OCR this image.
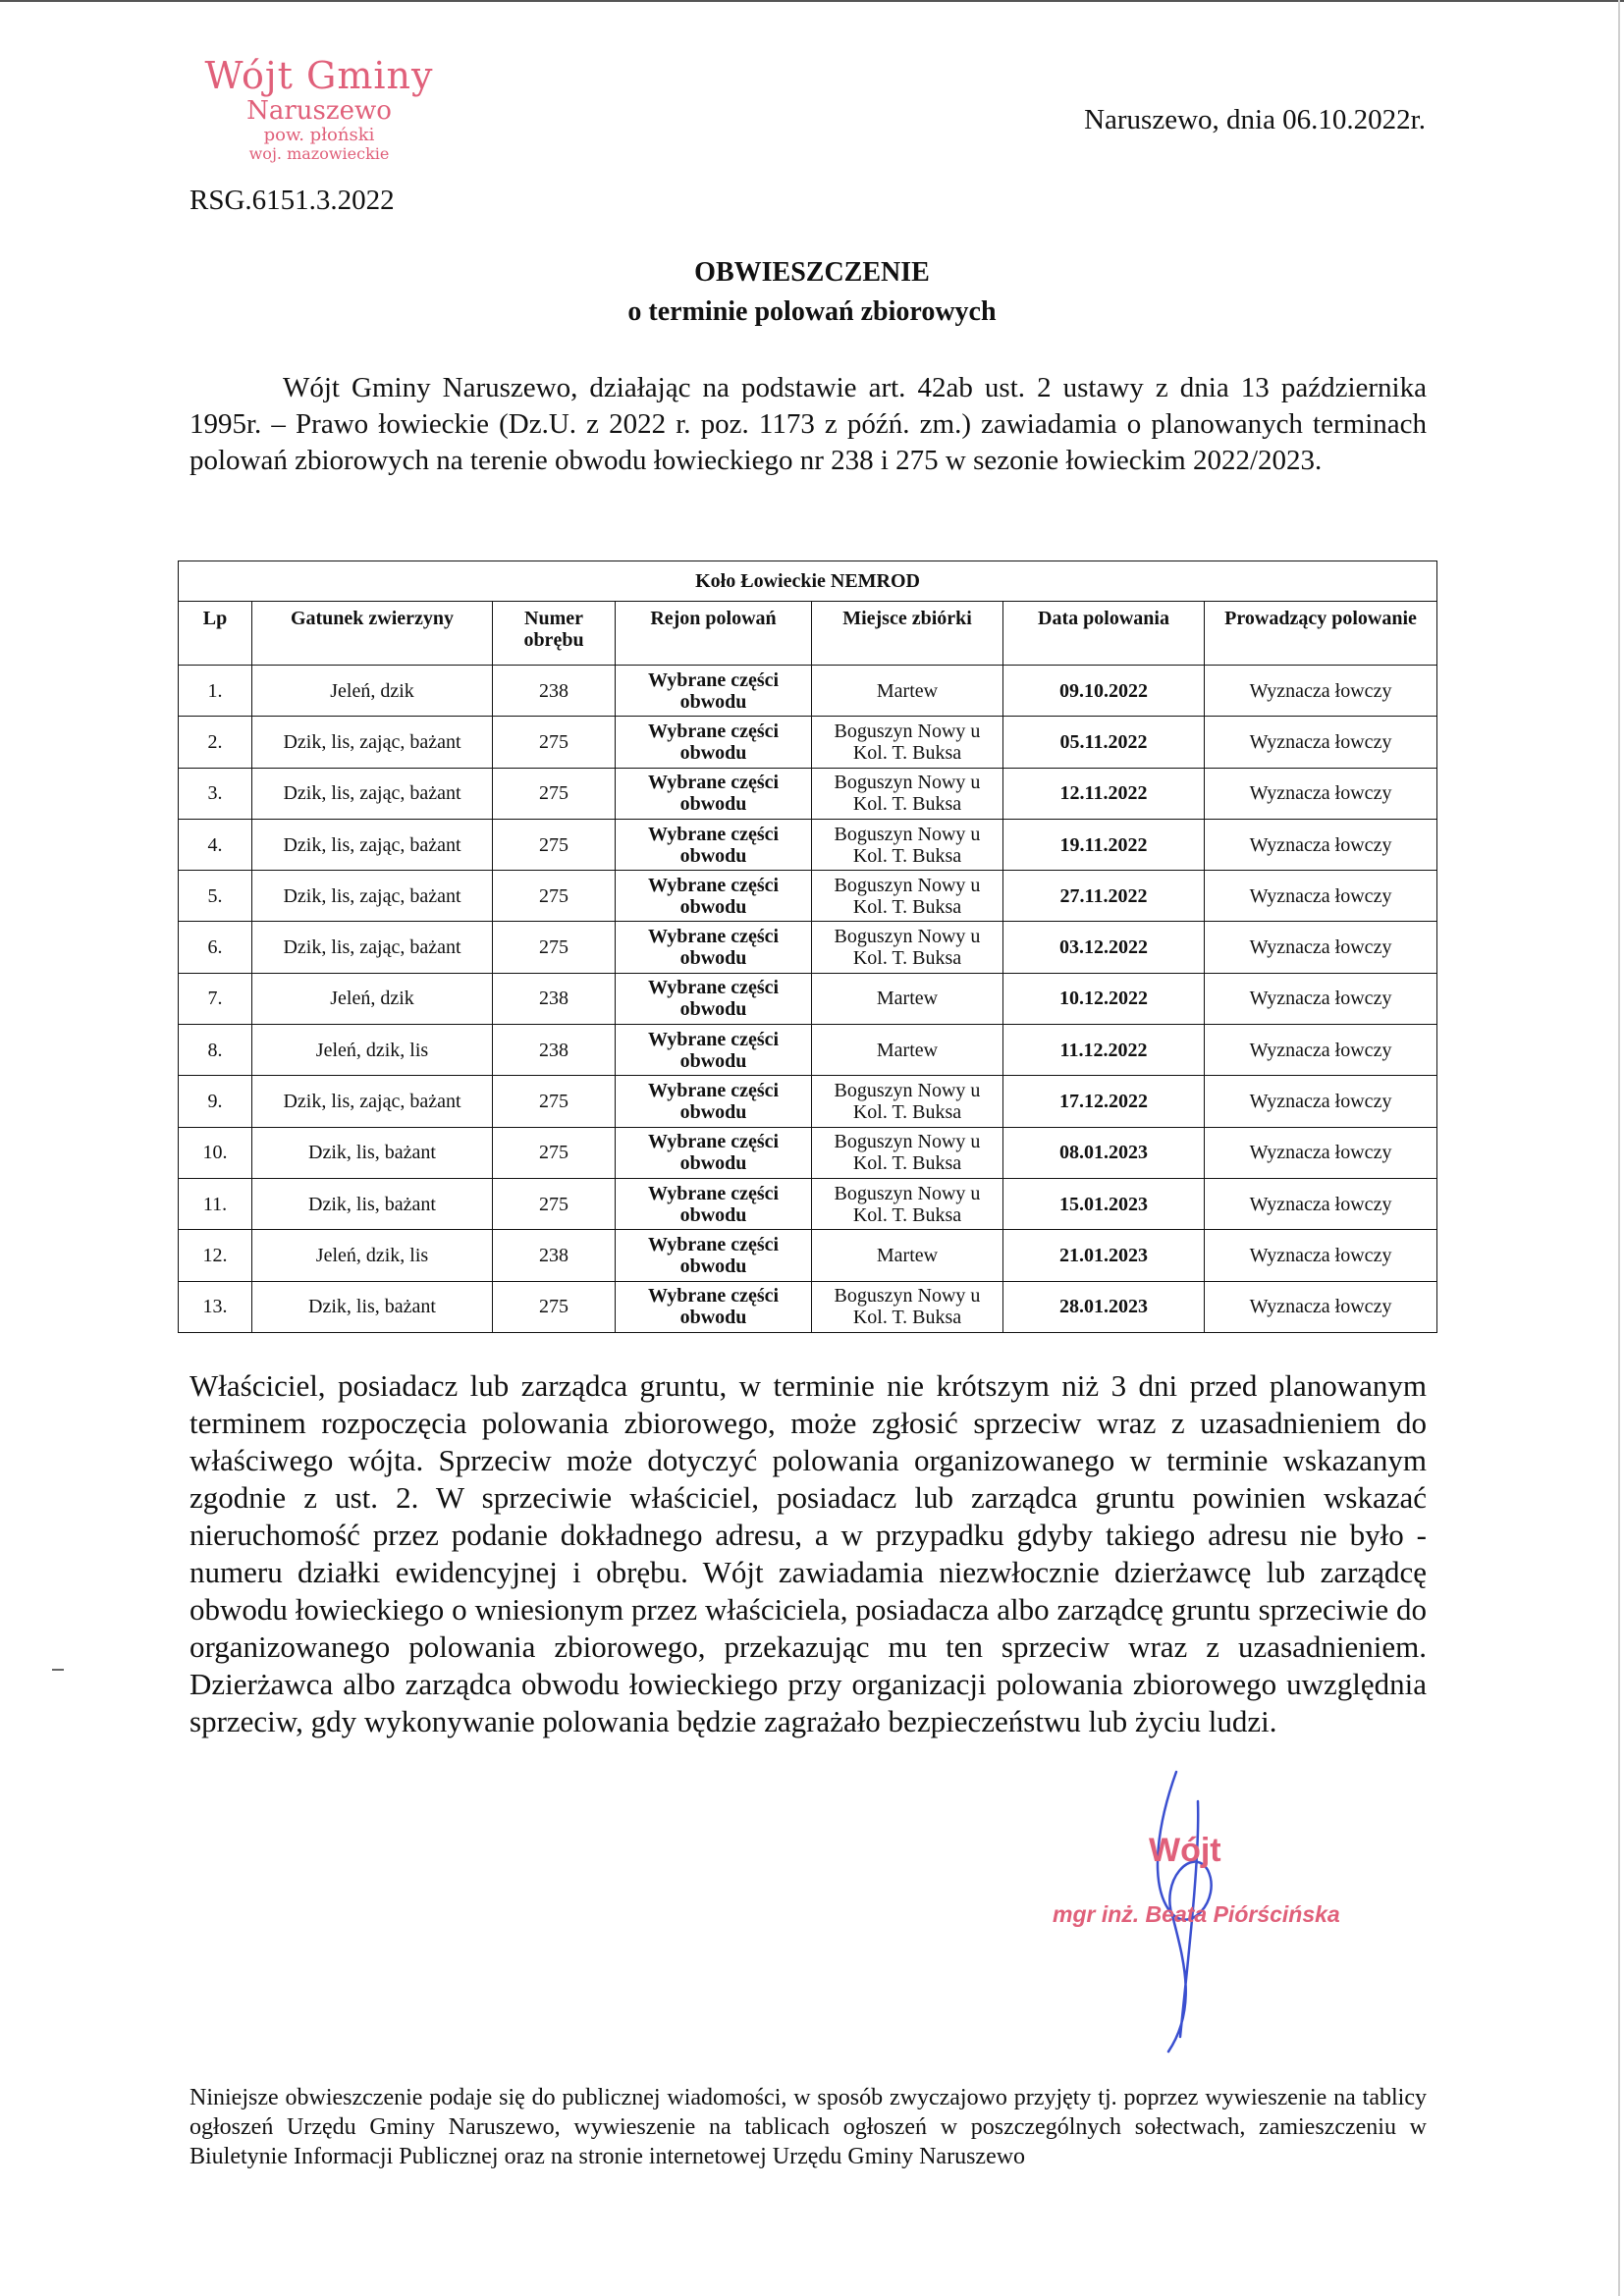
Wójt Gminy
Naruszewo
pow. płoński
woj. mazowieckie
Naruszewo, dnia 06.10.2022r.
RSG.6151.3.2022
OBWIESZCZENIE
o terminie polowań zbiorowych
Wójt Gminy Naruszewo, działając na podstawie art. 42ab ust. 2 ustawy z dnia 13 października 1995r. – Prawo łowieckie (Dz.U. z 2022 r. poz. 1173 z późń. zm.) zawiadamia o planowanych terminach polowań zbiorowych na terenie obwodu łowieckiego nr 238 i 275 w sezonie łowieckim 2022/2023.
Koło Łowieckie NEMROD						
Lp	Gatunek zwierzyny	Numer obrębu	Rejon polowań	Miejsce zbiórki	Data polowania	Prowadzący polowanie
1.	Jeleń, dzik	238	Wybrane części obwodu	Martew	09.10.2022	Wyznacza łowczy
2.	Dzik, lis, zając, bażant	275	Wybrane części obwodu	Boguszyn Nowy u Kol. T. Buksa	05.11.2022	Wyznacza łowczy
3.	Dzik, lis, zając, bażant	275	Wybrane części obwodu	Boguszyn Nowy u Kol. T. Buksa	12.11.2022	Wyznacza łowczy
4.	Dzik, lis, zając, bażant	275	Wybrane części obwodu	Boguszyn Nowy u Kol. T. Buksa	19.11.2022	Wyznacza łowczy
5.	Dzik, lis, zając, bażant	275	Wybrane części obwodu	Boguszyn Nowy u Kol. T. Buksa	27.11.2022	Wyznacza łowczy
6.	Dzik, lis, zając, bażant	275	Wybrane części obwodu	Boguszyn Nowy u Kol. T. Buksa	03.12.2022	Wyznacza łowczy
7.	Jeleń, dzik	238	Wybrane części obwodu	Martew	10.12.2022	Wyznacza łowczy
8.	Jeleń, dzik, lis	238	Wybrane części obwodu	Martew	11.12.2022	Wyznacza łowczy
9.	Dzik, lis, zając, bażant	275	Wybrane części obwodu	Boguszyn Nowy u Kol. T. Buksa	17.12.2022	Wyznacza łowczy
10.	Dzik, lis, bażant	275	Wybrane części obwodu	Boguszyn Nowy u Kol. T. Buksa	08.01.2023	Wyznacza łowczy
11.	Dzik, lis, bażant	275	Wybrane części obwodu	Boguszyn Nowy u Kol. T. Buksa	15.01.2023	Wyznacza łowczy
12.	Jeleń, dzik, lis	238	Wybrane części obwodu	Martew	21.01.2023	Wyznacza łowczy
13.	Dzik, lis, bażant	275	Wybrane części obwodu	Boguszyn Nowy u Kol. T. Buksa	28.01.2023	Wyznacza łowczy
Właściciel, posiadacz lub zarządca gruntu, w terminie nie krótszym niż 3 dni przed planowanym terminem rozpoczęcia polowania zbiorowego, może zgłosić sprzeciw wraz z uzasadnieniem do właściwego wójta. Sprzeciw może dotyczyć polowania organizowanego w terminie wskazanym zgodnie z ust. 2. W sprzeciwie właściciel, posiadacz lub zarządca gruntu powinien wskazać nieruchomość przez podanie dokładnego adresu, a w przypadku gdyby takiego adresu nie było - numeru działki ewidencyjnej i obrębu. Wójt zawiadamia niezwłocznie dzierżawcę lub zarządcę obwodu łowieckiego o wniesionym przez właściciela, posiadacza albo zarządcę gruntu sprzeciwie do organizowanego polowania zbiorowego, przekazując mu ten sprzeciw wraz z uzasadnieniem. Dzierżawca albo zarządca obwodu łowieckiego przy organizacji polowania zbiorowego uwzględnia sprzeciw, gdy wykonywanie polowania będzie zagrażało bezpieczeństwu lub życiu ludzi.
Wójt
mgr inż. Beata Piórścińska
Niniejsze obwieszczenie podaje się do publicznej wiadomości, w sposób zwyczajowo przyjęty tj. poprzez wywieszenie na tablicy ogłoszeń Urzędu Gminy Naruszewo, wywieszenie na tablicach ogłoszeń w poszczególnych sołectwach, zamieszczeniu w Biuletynie Informacji Publicznej oraz na stronie internetowej Urzędu Gminy Naruszewo
